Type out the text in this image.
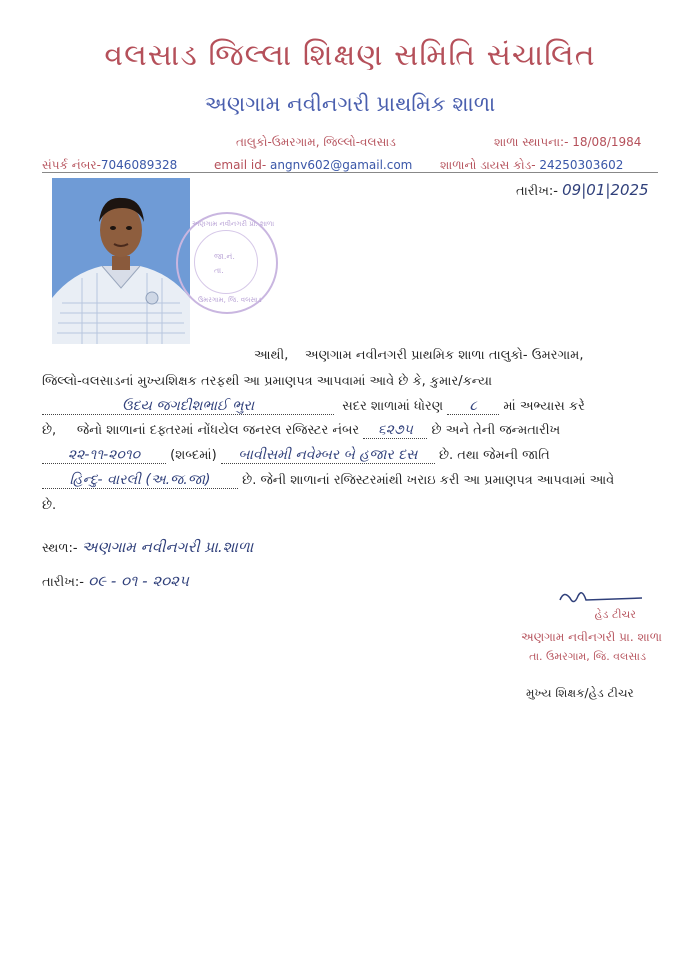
વલસાડ જિલ્લા શિક્ષણ સમિતિ સંચાલિત
અણગામ નવીનગરી પ્રાથમિક શાળા
તાલુકો-ઉમરગામ, જિલ્લો-વલસાડ	શાળા સ્થાપના:- 18/08/1984
સંપર્ક નંબર-7046089328	email id- angnv602@gamail.com શાળાનો ડાયસ કોડ- 24250303602
તારીખ:- 09|01|2025
અણગામ નવીનગરી પ્રા. શાળા
જા.નં.
તા.
ઉમરગામ, જિ. વલસાડ
આથી, અણગામ નવીનગરી પ્રાથમિક શાળા તાલુકો- ઉમરગામ,
જિલ્લો-વલસાડનાં મુખ્યશિક્ષક તરફથી આ પ્રમાણપત્ર આપવામાં આવે છે કે, કુમાર/કન્યા
ઉદય જગદીશભાઈ ભુરા	સદર શાળામાં ધોરણ ૮ માં અભ્યાસ કરે
છે, જેનો શાળાનાં દફ્તરમાં નોંધયેલ જનરલ રજિસ્ટર નંબર ૬૨૭૫ છે અને તેની જન્મતારીખ
૨૨-૧૧-૨૦૧૦ (શબ્દમાં) બાવીસમી નવેમ્બર બે હજાર દસ છે. તથા જેમની જાતિ
હિન્દુ- વારલી (અ.જ.જા) છે. જેની શાળાનાં રજિસ્ટરમાંથી ખરાઇ કરી આ પ્રમાણપત્ર આપવામાં આવે
છે.
સ્થળ:- અણગામ નવીનગરી પ્રા.શાળા
તારીખ:- ૦૯ - ૦૧ - ૨૦૨૫
હેડ ટીચર
અણગામ નવીનગરી પ્રા. શાળા
તા. ઉમરગામ, જિ. વલસાડ
મુખ્ય શિક્ષક/હેડ ટીચર
